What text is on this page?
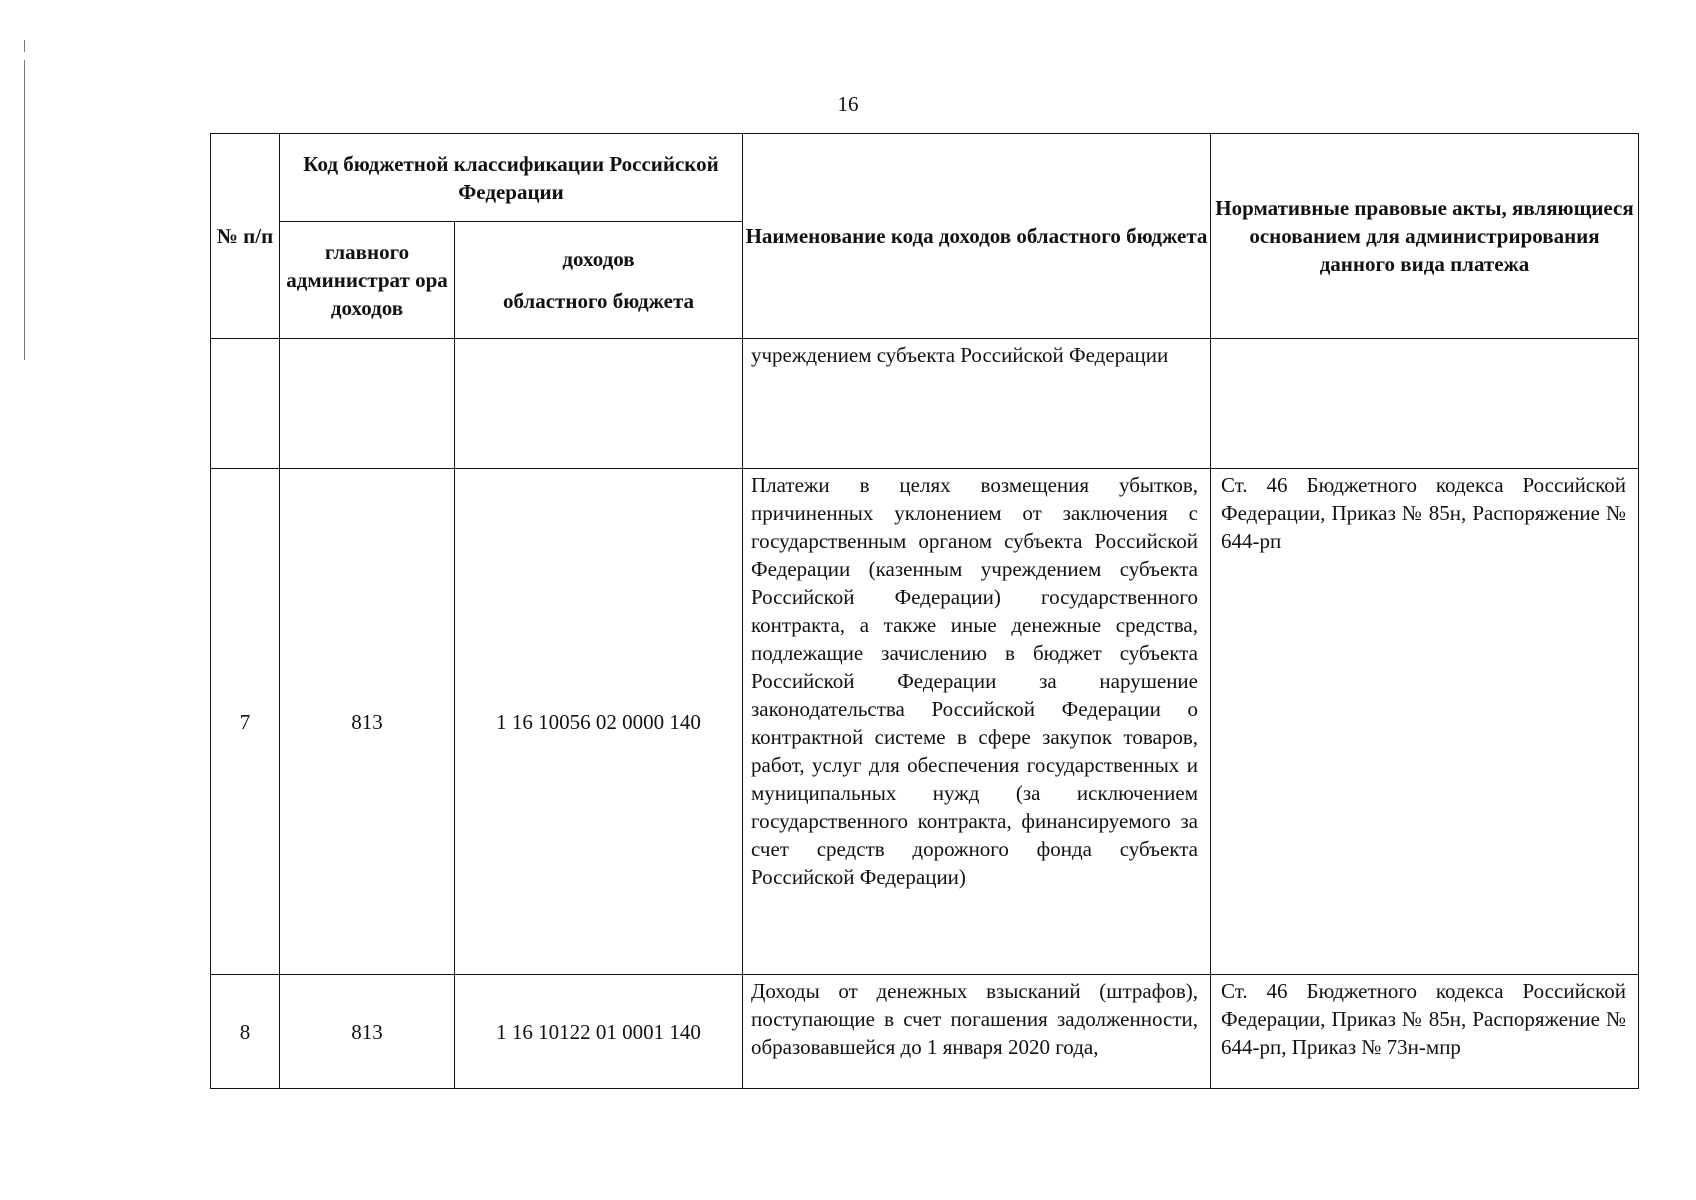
16
№ п/п	Код бюджетной классификации Российской Федерации		Наименование кода доходов областного бюджета	Нормативные правовые акты, являющиеся основанием для администрирования данного вида платежа
	главного администрат ора доходов	доходов
областного бюджета		

			учреждением субъекта Российской Федерации	
7	813	1 16 10056 02 0000 140	Платежи в целях возмещения убытков, причиненных уклонением от заключения с государственным органом субъекта Российской Федерации (казенным учреждением субъекта Российской Федерации) государственного контракта, а также иные денежные средства, подлежащие зачислению в бюджет субъекта Российской Федерации за нарушение законодательства Российской Федерации о контрактной системе в сфере закупок товаров, работ, услуг для обеспечения государственных и муниципальных нужд (за исключением государственного контракта, финансируемого за счет средств дорожного фонда субъекта Российской Федерации)	Ст. 46 Бюджетного кодекса Российской Федерации, Приказ № 85н, Распоряжение № 644-рп
8	813	1 16 10122 01 0001 140	Доходы от денежных взысканий (штрафов), поступающие в счет погашения задолженности, образовавшейся до 1 января 2020 года,	Ст. 46 Бюджетного кодекса Российской Федерации, Приказ № 85н, Распоряжение № 644-рп, Приказ № 73н-мпр
